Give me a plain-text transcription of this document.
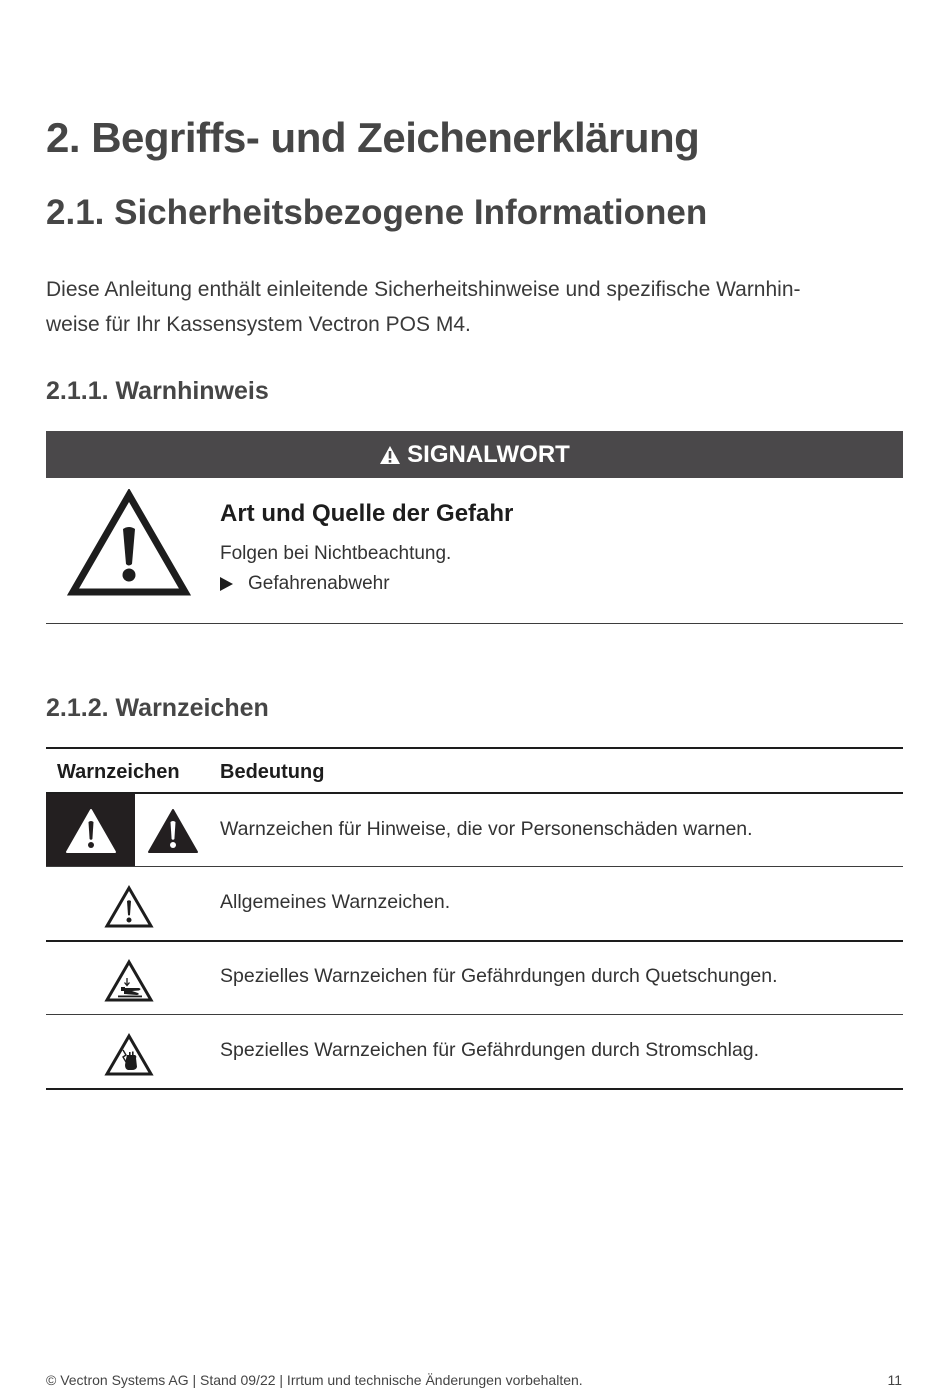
2. Begriffs- und Zeichenerklärung
2.1. Sicherheitsbezogene Informationen
Diese Anleitung enthält einleitende Sicherheitshinweise und spezifische Warnhin-
weise für Ihr Kassensystem Vectron POS M4.
2.1.1. Warnhinweis
SIGNALWORT
Art und Quelle der Gefahr
Folgen bei Nichtbeachtung.
Gefahrenabwehr
2.1.2. Warnzeichen
Warnzeichen Bedeutung
Warnzeichen für Hinweise, die vor Personenschäden warnen.
Allgemeines Warnzeichen.
Spezielles Warnzeichen für Gefährdungen durch Quetschungen.
Spezielles Warnzeichen für Gefährdungen durch Stromschlag.
© Vectron Systems AG | Stand 09/22 | Irrtum und technische Änderungen vorbehalten.	11
